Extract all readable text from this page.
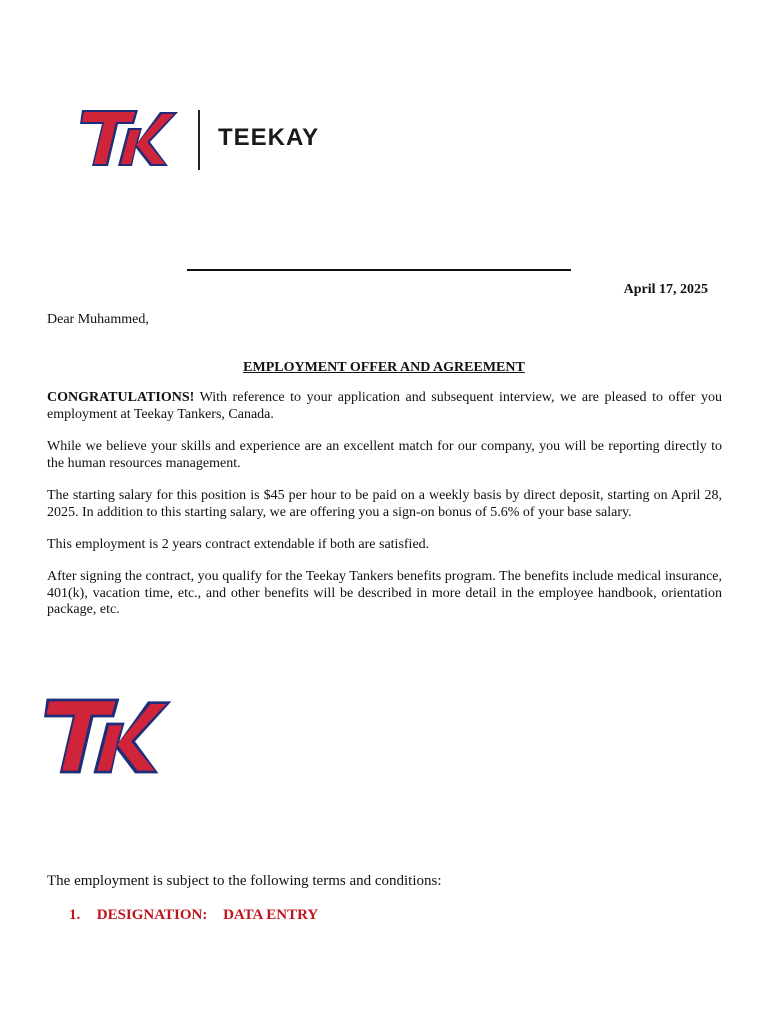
TEEKAY
April 17, 2025
Dear Muhammed,
EMPLOYMENT OFFER AND AGREEMENT

CONGRATULATIONS! With reference to your application and subsequent interview, we are pleased to offer you employment at Teekay Tankers, Canada.

While we believe your skills and experience are an excellent match for our company, you will be reporting directly to the human resources management.

The starting salary for this position is $45 per hour to be paid on a weekly basis by direct deposit, starting on April 28, 2025. In addition to this starting salary, we are offering you a sign-on bonus of 5.6% of your base salary.

This employment is 2 years contract extendable if both are satisfied.

After signing the contract, you qualify for the Teekay Tankers benefits program. The benefits include medical insurance, 401(k), vacation time, etc., and other benefits will be described in more detail in the employee handbook, orientation package, etc.

The employment is subject to the following terms and conditions:
1. DESIGNATION: DATA ENTRY
